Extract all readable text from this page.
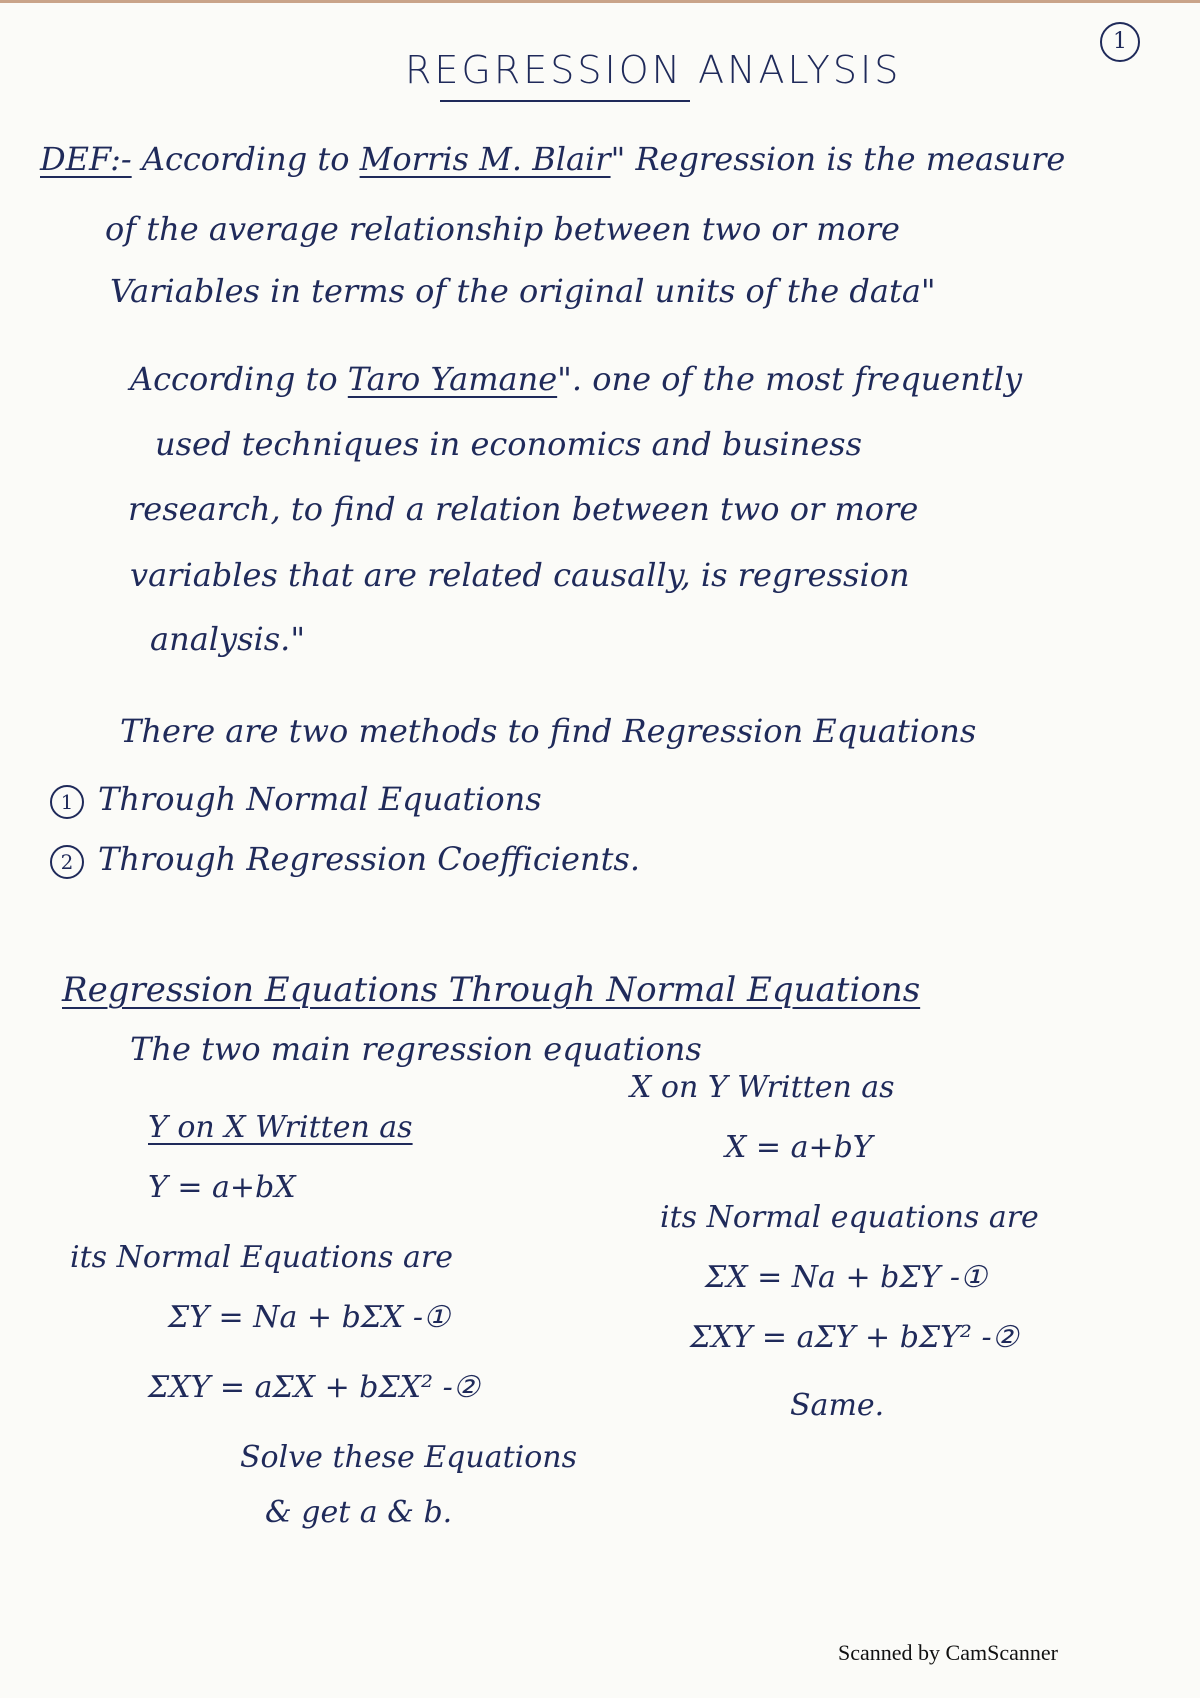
1
REGRESSION ANALYSIS
DEF:- According to Morris M. Blair" Regression is the measure
of the average relationship between two or more
Variables in terms of the original units of the data"
According to Taro Yamane". one of the most frequently
used techniques in economics and business
research, to find a relation between two or more
variables that are related causally, is regression
analysis."
There are two methods to find Regression Equations
1 Through Normal Equations
2 Through Regression Coefficients.
Regression Equations Through Normal Equations
The two main regression equations
Y on X Written as
Y = a+bX
its Normal Equations are
ΣY = Na + bΣX -①
ΣXY = aΣX + bΣX² -②
Solve these Equations
& get a & b.
X on Y Written as
X = a+bY
its Normal equations are
ΣX = Na + bΣY -①
ΣXY = aΣY + bΣY² -②
Same.
Scanned by CamScanner
